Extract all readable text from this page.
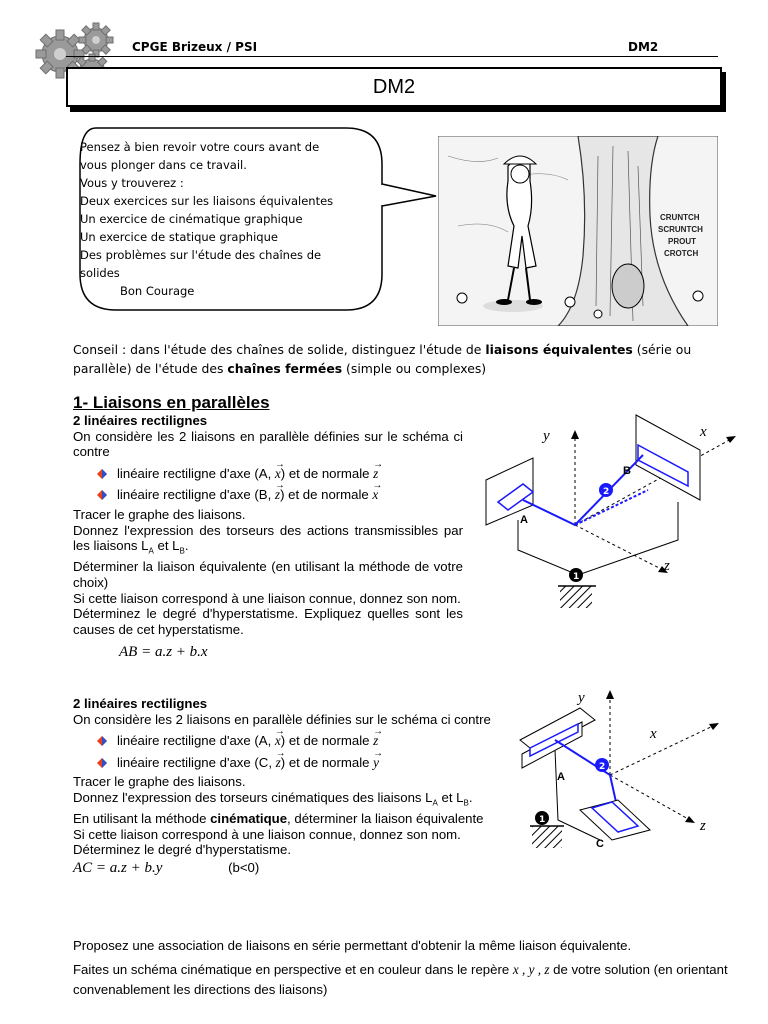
CPGE Brizeux / PSI	DM2
DM2
Pensez à bien revoir votre cours avant de
vous plonger dans ce travail.
Vous y trouverez :
Deux exercices sur les liaisons équivalentes
Un exercice de cinématique graphique
Un exercice de statique graphique
Des problèmes sur l'étude des chaînes de
solides
Bon Courage
CRUNTCH
SCRUNTCH
PROUT
CROTCH
Conseil : dans l'étude des chaînes de solide, distinguez l'étude de liaisons équivalentes (série ou parallèle) de l'étude des chaînes fermées (simple ou complexes)
1- Liaisons en parallèles
2 linéaires rectilignes
On considère les 2 liaisons en parallèle définies sur le schéma ci contre
linéaire rectiligne d'axe (A, → x) et de normale → z
linéaire rectiligne d'axe (B, → z) et de normale → x
Tracer le graphe des liaisons.
Donnez l'expression des torseurs des actions transmissibles par les liaisons $L_A$ et $L_B$.
Déterminer la liaison équivalente (en utilisant la méthode de votre choix)
Si cette liaison correspond à une liaison connue, donnez son nom.
Déterminez le degré d'hyperstatisme. Expliquez quelles sont les causes de cet hyperstatisme.
AB = a.z + b.x
1
2
A
B
y	x
z
2 linéaires rectilignes
On considère les 2 liaisons en parallèle définies sur le schéma ci contre
linéaire rectiligne d'axe (A, → x) et de normale → z
linéaire rectiligne d'axe (C, → z) et de normale → y
Tracer le graphe des liaisons.
Donnez l'expression des torseurs cinématiques des liaisons $L_A$ et $L_B$.
En utilisant la méthode cinématique, déterminer la liaison équivalente
Si cette liaison correspond à une liaison connue, donnez son nom.
Déterminez le degré d'hyperstatisme.
AC = a.z + b.y	(b<0)
Proposez une association de liaisons en série permettant d'obtenir la même liaison équivalente.
Faites un schéma cinématique en perspective et en couleur dans le repère x , y , z de votre solution (en orientant convenablement les directions des liaisons)
1
2
A
C
y
x
z
